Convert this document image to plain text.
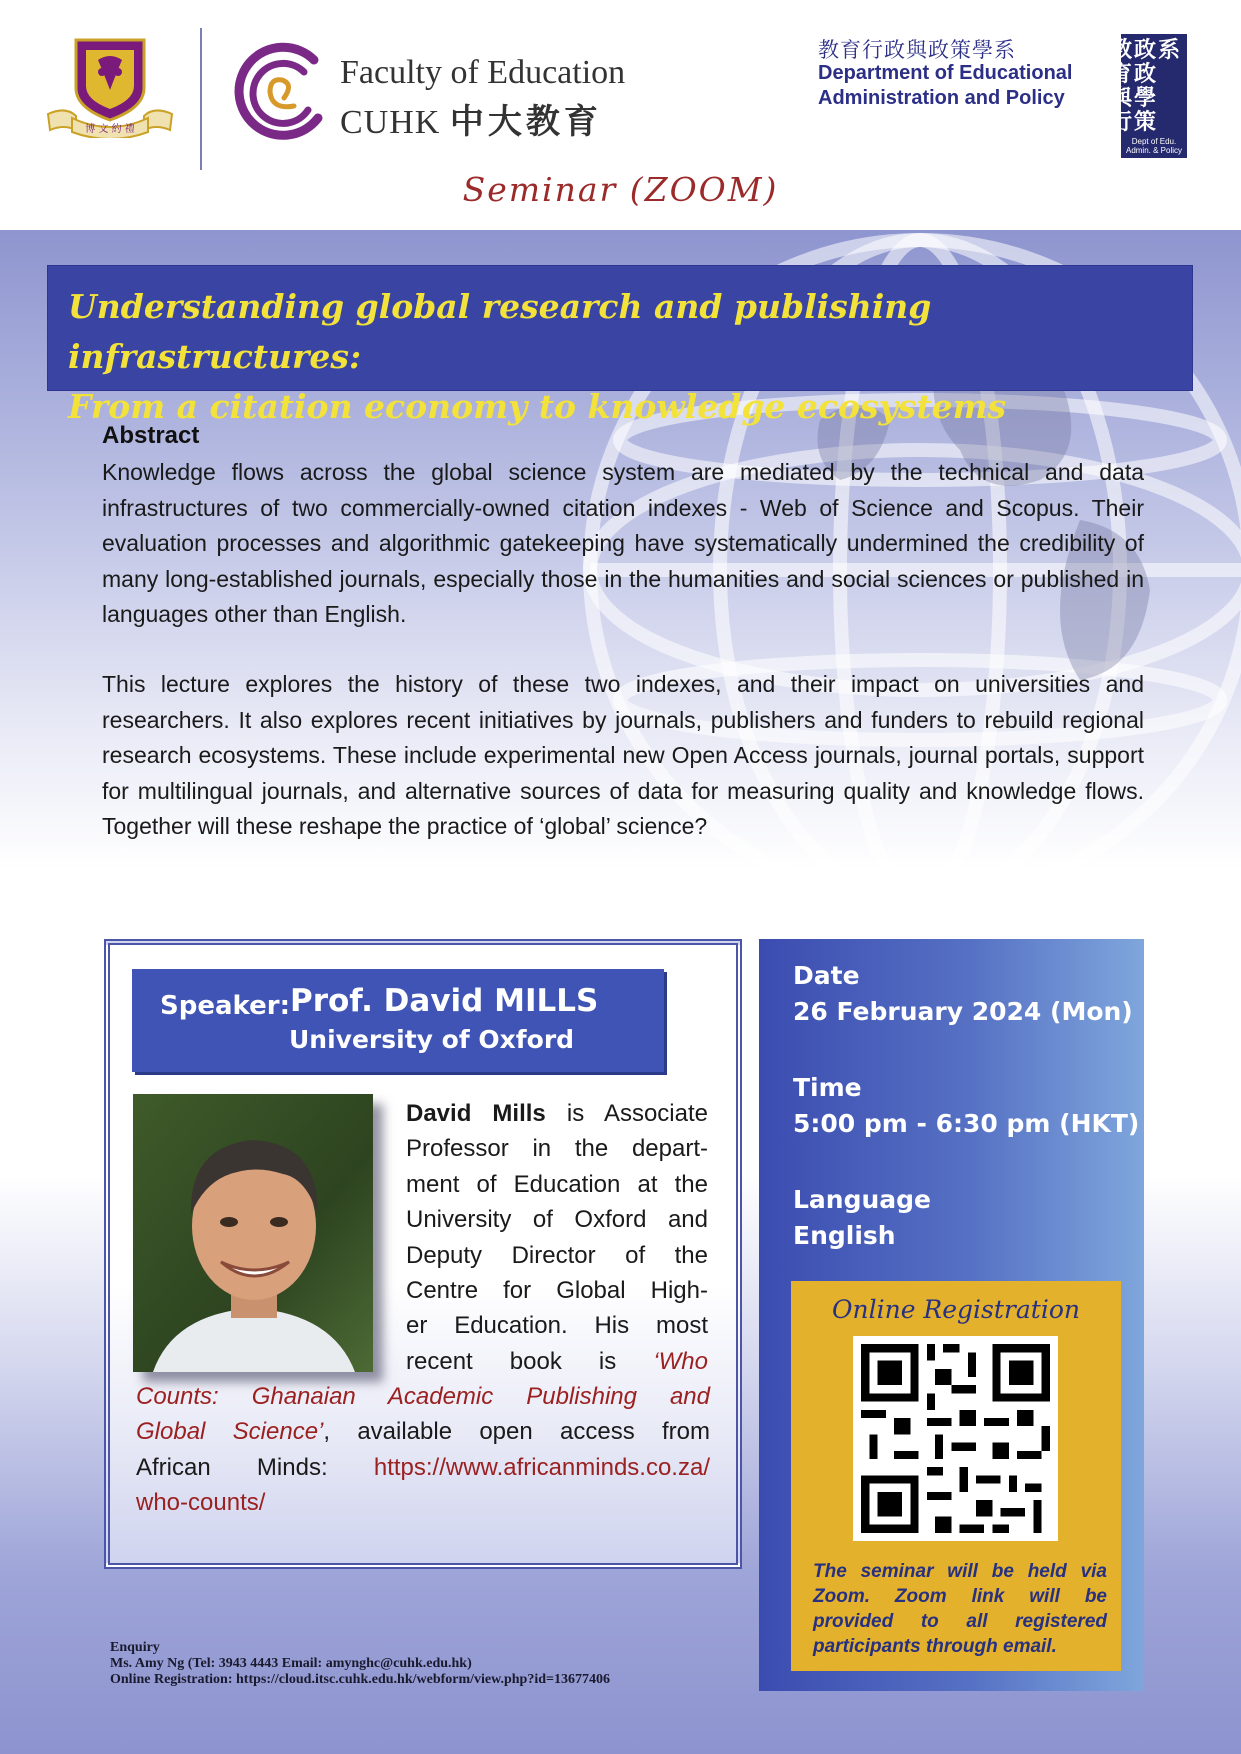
博 文 約 禮
Faculty of Education
CUHK 中大教育
教育行政與政策學系
Department of Educational
Administration and Policy
教
育
與
行
政
政
學
策
系
Dept of Edu.
Admin. & Policy
Seminar (ZOOM)
Understanding global research and publishing infrastructures:
From a citation economy to knowledge ecosystems
Abstract

Knowledge flows across the global science system are mediated by the technical and data infrastructures of two commercially-owned citation indexes - Web of Science and Scopus. Their evaluation processes and algorithmic gatekeeping have systematically undermined the credibility of many long-established journals, especially those in the humanities and social sciences or published in languages other than English.

This lecture explores the history of these two indexes, and their impact on universities and researchers. It also explores recent initiatives by journals, publishers and funders to rebuild regional research ecosystems. These include experimental new Open Access journals, journal portals, support for multilingual journals, and alternative sources of data for measuring quality and knowledge flows. Together will these reshape the practice of ‘global’ science?

Speaker: Prof. David MILLS
University of Oxford

David Mills is Associate
Professor in the depart-
ment of Education at the
University of Oxford and
Deputy Director of the
Centre for Global High-
er Education. His most
recent book is ‘Who

Counts: Ghanaian Academic Publishing and
Global Science’, available open access from
African Minds: https://www.africanminds.co.za/
who-counts/

Date
26 February 2024 (Mon)
Time
5:00 pm - 6:30 pm (HKT)
Language
English
Online Registration

The seminar will be held via Zoom. Zoom link will be provided to all registered participants through email.

Enquiry
Ms. Amy Ng (Tel: 3943 4443 Email: amynghc@cuhk.edu.hk)
Online Registration: https://cloud.itsc.cuhk.edu.hk/webform/view.php?id=13677406
